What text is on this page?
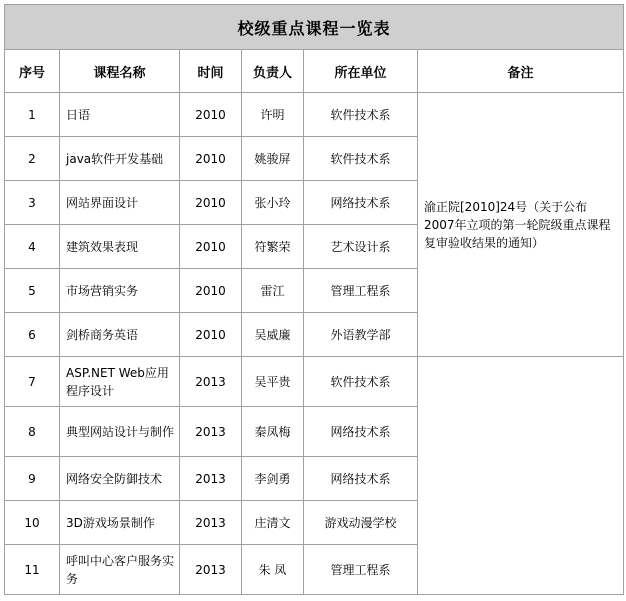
校级重点课程一览表					
序号	课程名称	时间	负责人	所在单位	备注
1	日语	2010	许明	软件技术系	渝正院[2010]24号（关于公布2007年立项的第一轮院级重点课程复审验收结果的通知）
2	java软件开发基础	2010	姚骏屏	软件技术系	
3	网站界面设计	2010	张小玲	网络技术系	
4	建筑效果表现	2010	符繁荣	艺术设计系	
5	市场营销实务	2010	雷江	管理工程系	
6	剑桥商务英语	2010	吴威廉	外语教学部	
7	ASP.NET Web应用程序设计	2013	吴平贵	软件技术系	
8	典型网站设计与制作	2013	秦凤梅	网络技术系	
9	网络安全防御技术	2013	李剑勇	网络技术系	
10	3D游戏场景制作	2013	庄清文	游戏动漫学校	
11	呼叫中心客户服务实务	2013	朱 凤	管理工程系	
